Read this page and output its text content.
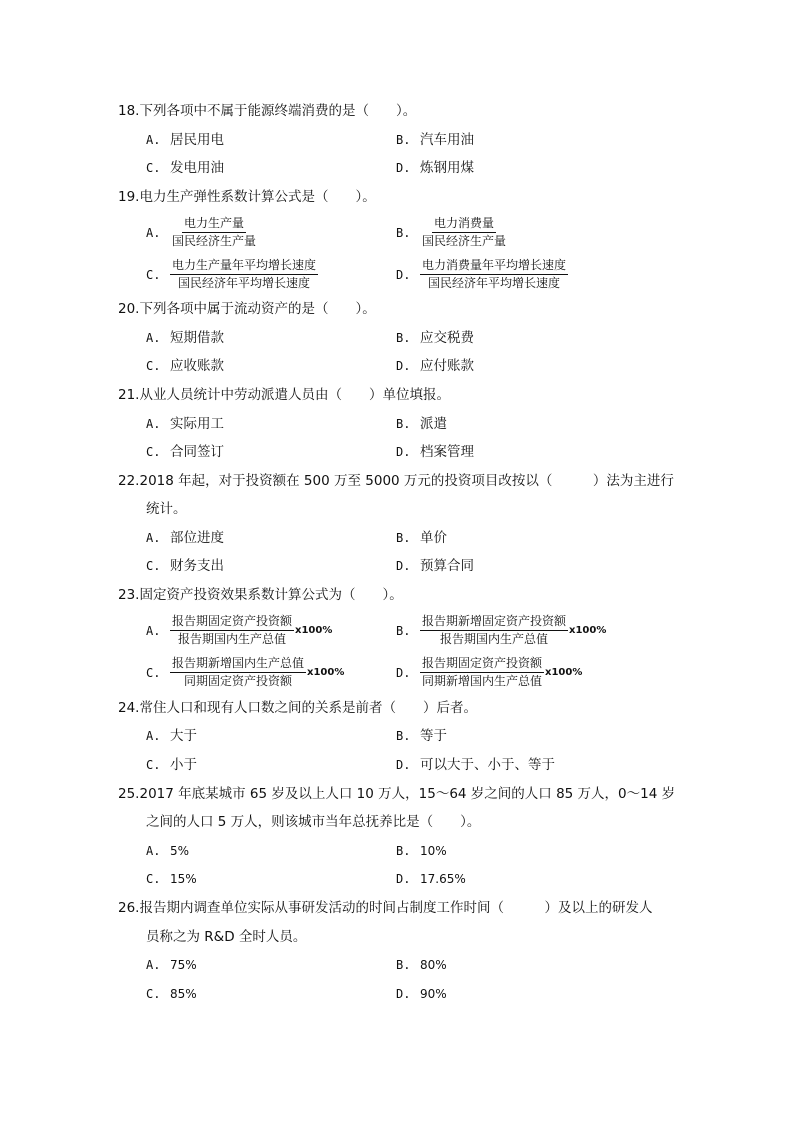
18.下列各项中不属于能源终端消费的是（　　）。
A. 居民用电	B. 汽车用油
C. 发电用油	D. 炼钢用煤
19.电力生产弹性系数计算公式是（　　）。
A.
电力生产量
国民经济生产量
B.
电力消费量
国民经济生产量
C.
电力生产量年平均增长速度
国民经济年平均增长速度
D.
电力消费量年平均增长速度
国民经济年平均增长速度
20.下列各项中属于流动资产的是（　　）。
A. 短期借款	B. 应交税费
C. 应收账款	D. 应付账款
21.从业人员统计中劳动派遣人员由（　　）单位填报。
A. 实际用工	B. 派遣
C. 合同签订	D. 档案管理
22.2018 年起，对于投资额在 500 万至 5000 万元的投资项目改按以（　　　）法为主进行
统计。
A. 部位进度	B. 单价
C. 财务支出	D. 预算合同
23.固定资产投资效果系数计算公式为（　　）。
A.
报告期固定资产投资额
报告期国内生产总值
x100%	B.
报告期新增固定资产投资额
报告期国内生产总值
x100%
C.
报告期新增国内生产总值
同期固定资产投资额
x100%	D.
报告期固定资产投资额
同期新增国内生产总值
x100%
24.常住人口和现有人口数之间的关系是前者（　　）后者。
A. 大于	B. 等于
C. 小于	D. 可以大于、小于、等于
25.2017 年底某城市 65 岁及以上人口 10 万人，15～64 岁之间的人口 85 万人，0～14 岁
之间的人口 5 万人，则该城市当年总抚养比是（　　）。
A. 5%	B. 10%
C. 15%	D. 17.65%
26.报告期内调查单位实际从事研发活动的时间占制度工作时间（　　　）及以上的研发人
员称之为 R&D 全时人员。
A. 75%	B. 80%
C. 85%	D. 90%
